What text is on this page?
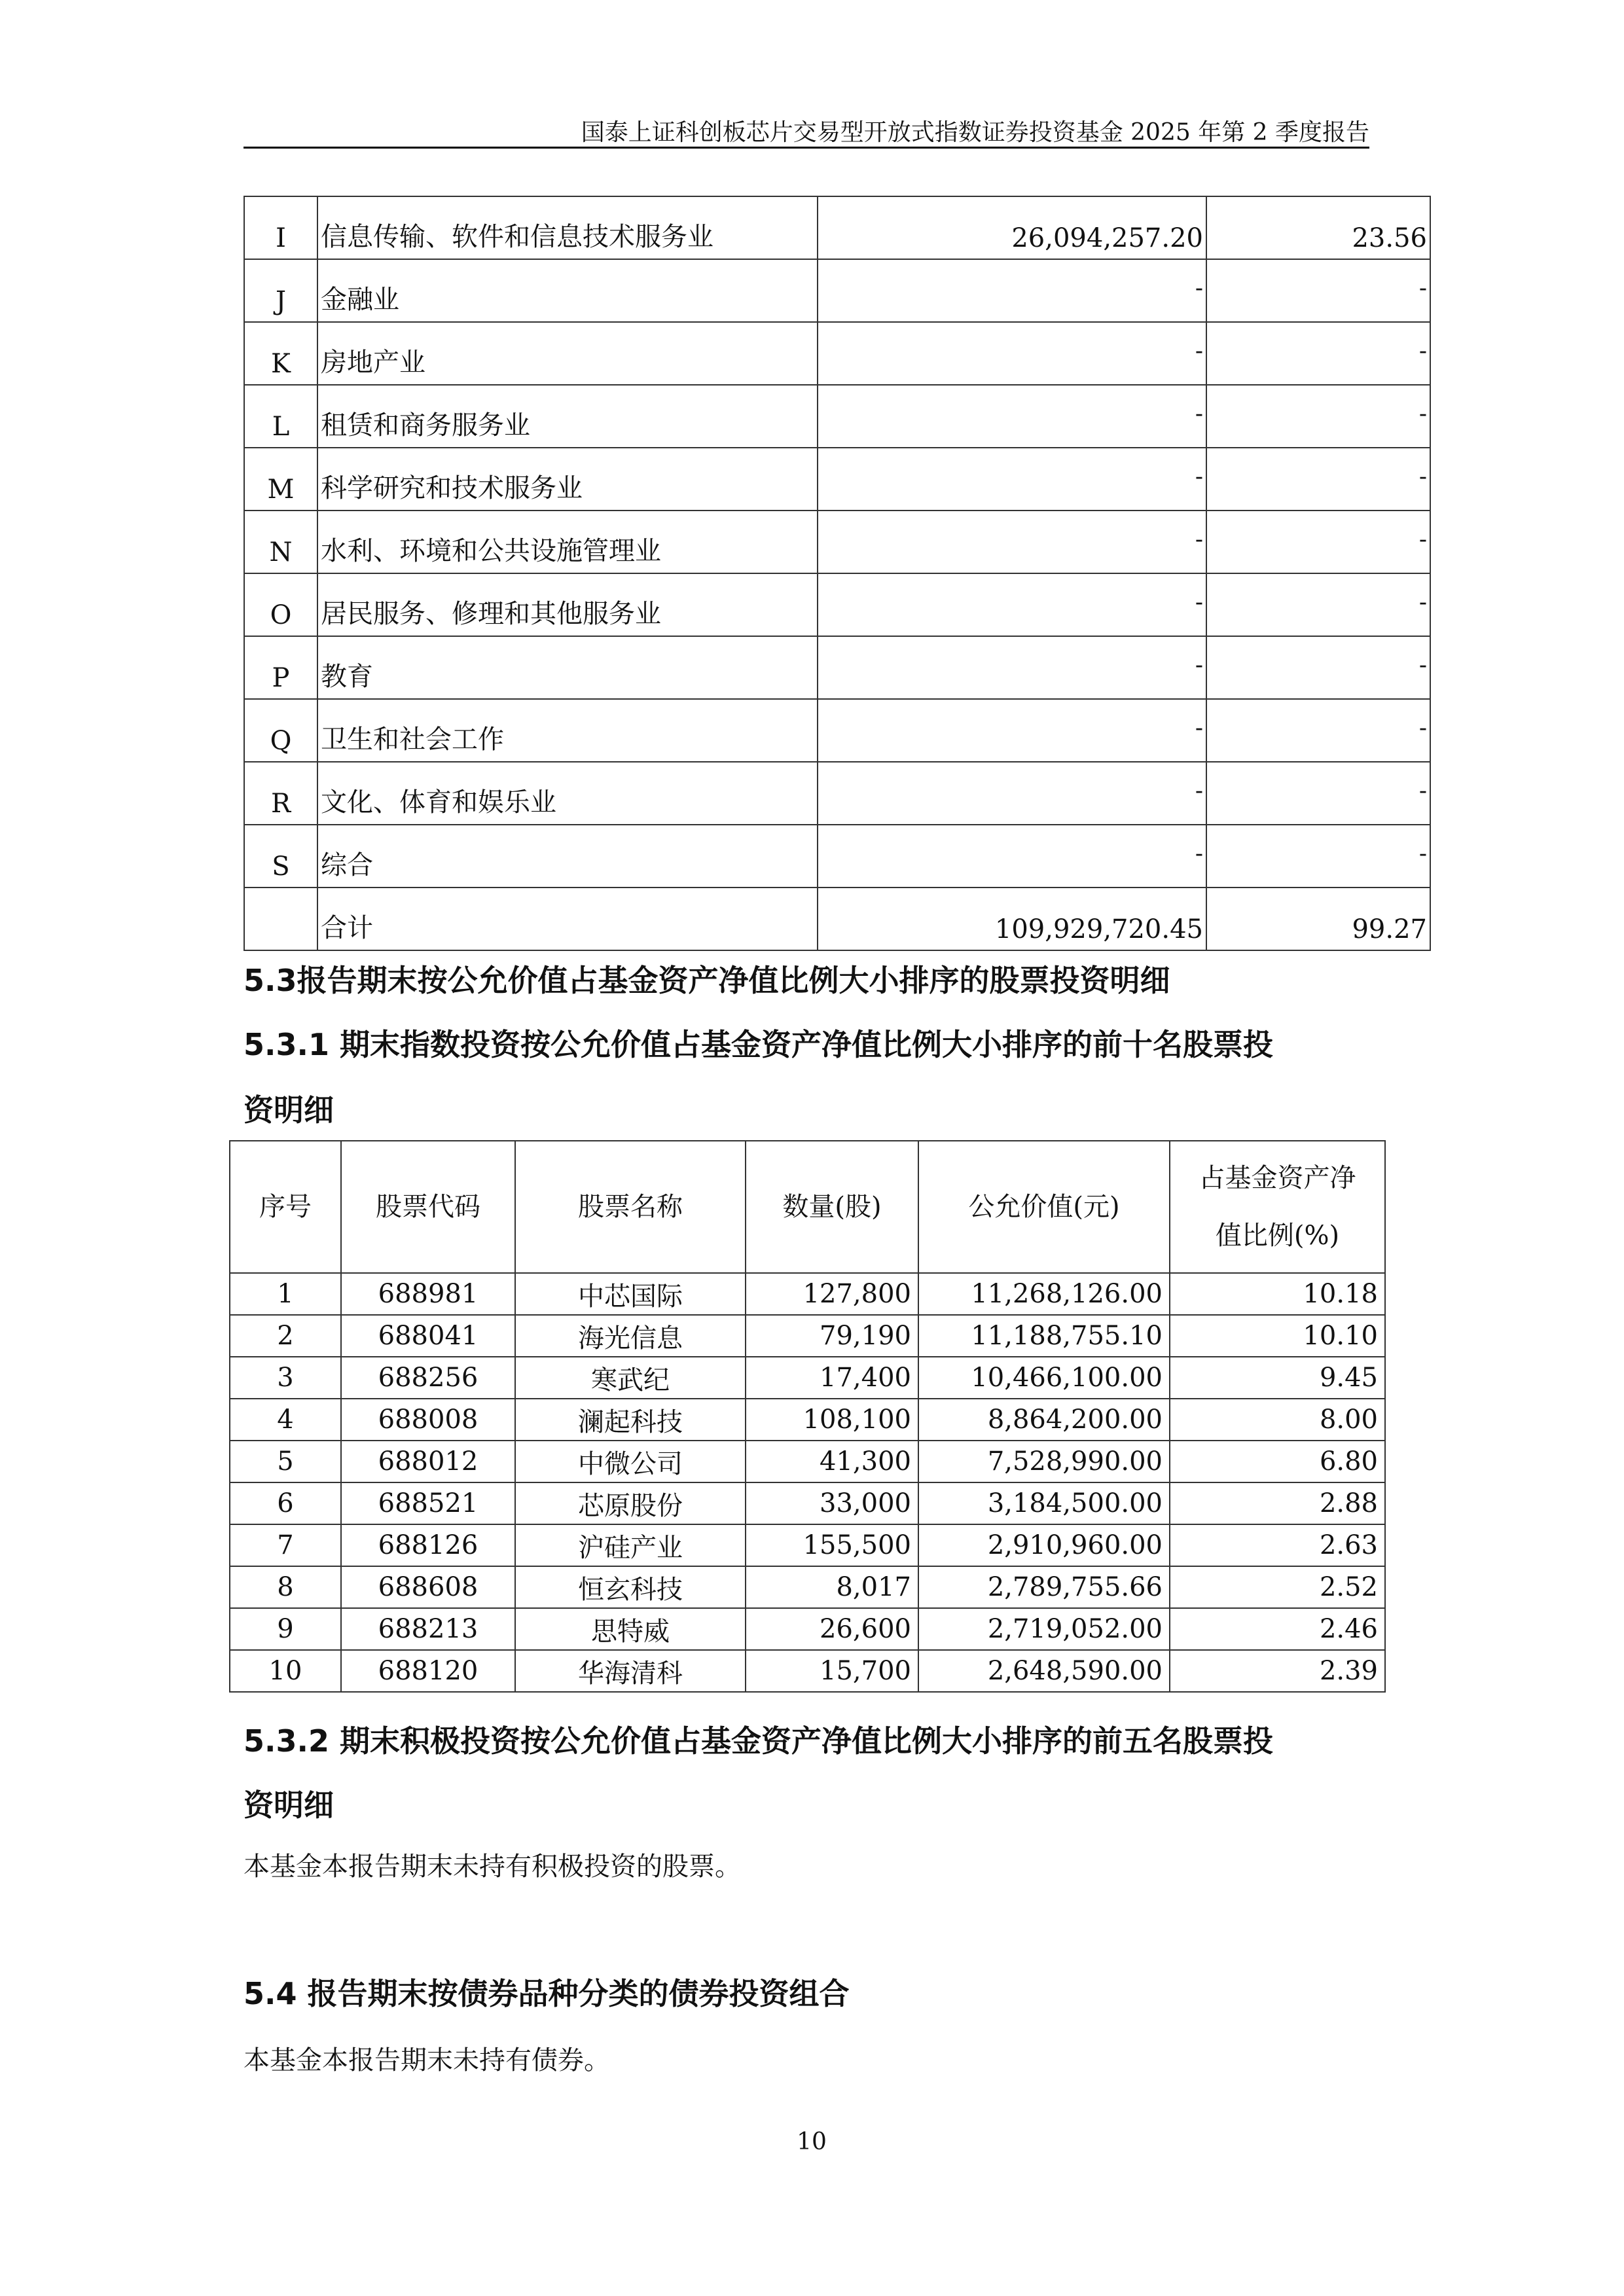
国泰上证科创板芯片交易型开放式指数证券投资基金 2025 年第 2 季度报告
I	信息传输、软件和信息技术服务业	26,094,257.20	23.56
J	金融业	-	-

K	房地产业	-	-

L	租赁和商务服务业	-	-

M	科学研究和技术服务业	-	-

N	水利、环境和公共设施管理业	-	-

O	居民服务、修理和其他服务业	-	-

P	教育	-	-

Q	卫生和社会工作	-	-

R	文化、体育和娱乐业	-	-

S	综合	-	-

	合计	109,929,720.45	99.27
5.3报告期末按公允价值占基金资产净值比例大小排序的股票投资明细
5.3.1 期末指数投资按公允价值占基金资产净值比例大小排序的前十名股票投
资明细
序号	股票代码	股票名称	数量(股)	公允价值(元)	占基金资产净
值比例(%)

1	688981	中芯国际	127,800	11,268,126.00	10.18
2	688041	海光信息	79,190	11,188,755.10	10.10
3	688256	寒武纪	17,400	10,466,100.00	9.45
4	688008	澜起科技	108,100	8,864,200.00	8.00
5	688012	中微公司	41,300	7,528,990.00	6.80
6	688521	芯原股份	33,000	3,184,500.00	2.88
7	688126	沪硅产业	155,500	2,910,960.00	2.63
8	688608	恒玄科技	8,017	2,789,755.66	2.52
9	688213	思特威	26,600	2,719,052.00	2.46
10	688120	华海清科	15,700	2,648,590.00	2.39
5.3.2 期末积极投资按公允价值占基金资产净值比例大小排序的前五名股票投
资明细
本基金本报告期末未持有积极投资的股票。
5.4 报告期末按债券品种分类的债券投资组合
本基金本报告期末未持有债券。
10
